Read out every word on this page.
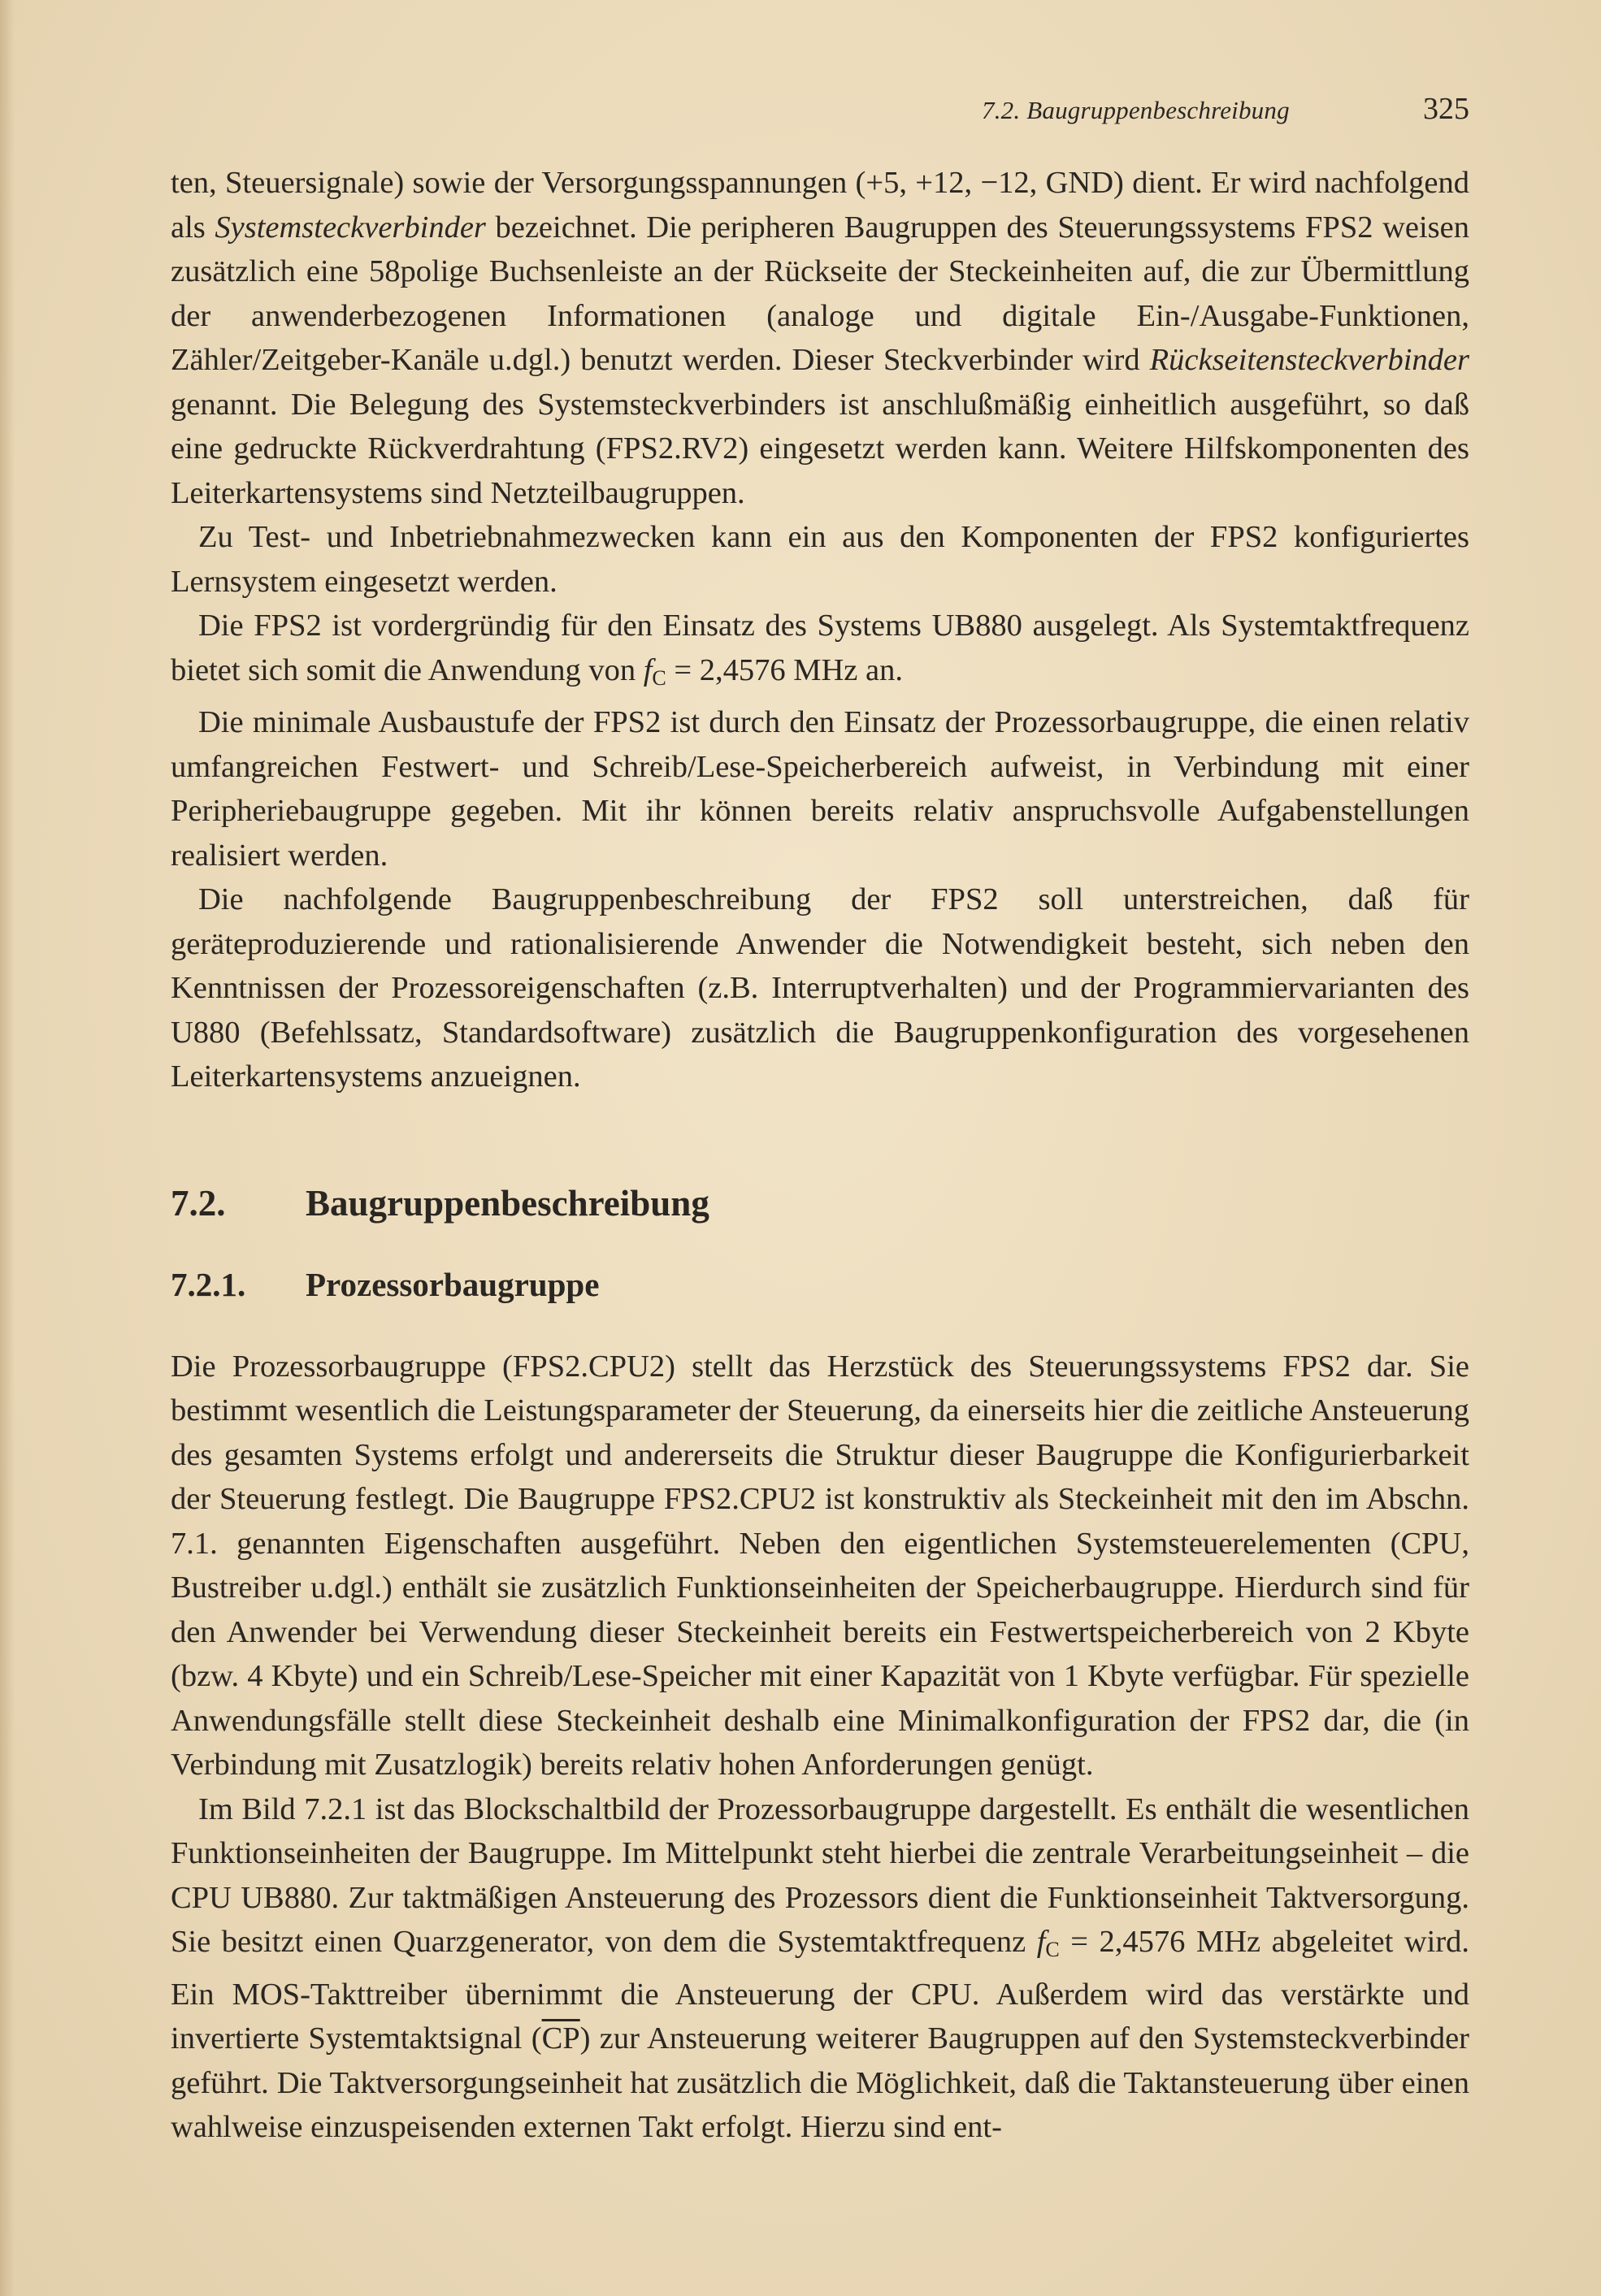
7.2. Baugruppenbeschreibung	325

ten, Steuersignale) sowie der Versorgungsspannungen (+5, +12, −12, GND) dient. Er wird nachfolgend als Systemsteckverbinder bezeichnet. Die peripheren Baugruppen des Steuerungssystems FPS2 weisen zusätzlich eine 58polige Buchsenleiste an der Rückseite der Steckeinheiten auf, die zur Übermittlung der anwenderbezogenen Informationen (analoge und digitale Ein-/Ausgabe-Funktionen, Zähler/Zeitgeber-Kanäle u.dgl.) benutzt werden. Dieser Steckverbinder wird Rückseitensteckverbinder genannt. Die Belegung des Systemsteckverbinders ist anschlußmäßig einheitlich ausgeführt, so daß eine gedruckte Rückverdrahtung (FPS2.RV2) eingesetzt werden kann. Weitere Hilfskomponenten des Leiterkartensystems sind Netzteilbaugruppen.

Zu Test- und Inbetriebnahmezwecken kann ein aus den Komponenten der FPS2 konfiguriertes Lernsystem eingesetzt werden.

Die FPS2 ist vordergründig für den Einsatz des Systems UB880 ausgelegt. Als Systemtaktfrequenz bietet sich somit die Anwendung von $f_C = 2,4576$ MHz an.

Die minimale Ausbaustufe der FPS2 ist durch den Einsatz der Prozessorbaugruppe, die einen relativ umfangreichen Festwert- und Schreib/Lese-Speicherbereich aufweist, in Verbindung mit einer Peripheriebaugruppe gegeben. Mit ihr können bereits relativ anspruchsvolle Aufgabenstellungen realisiert werden.

Die nachfolgende Baugruppenbeschreibung der FPS2 soll unterstreichen, daß für geräteproduzierende und rationalisierende Anwender die Notwendigkeit besteht, sich neben den Kenntnissen der Prozessoreigenschaften (z.B. Interruptverhalten) und der Programmiervarianten des U880 (Befehlssatz, Standardsoftware) zusätzlich die Baugruppenkonfiguration des vorgesehenen Leiterkartensystems anzueignen.

7.2. Baugruppenbeschreibung
7.2.1. Prozessorbaugruppe

Die Prozessorbaugruppe (FPS2.CPU2) stellt das Herzstück des Steuerungssystems FPS2 dar. Sie bestimmt wesentlich die Leistungsparameter der Steuerung, da einerseits hier die zeitliche Ansteuerung des gesamten Systems erfolgt und andererseits die Struktur dieser Baugruppe die Konfigurierbarkeit der Steuerung festlegt. Die Baugruppe FPS2.CPU2 ist konstruktiv als Steckeinheit mit den im Abschn. 7.1. genannten Eigenschaften ausgeführt. Neben den eigentlichen Systemsteuerelementen (CPU, Bustreiber u.dgl.) enthält sie zusätzlich Funktionseinheiten der Speicherbaugruppe. Hierdurch sind für den Anwender bei Verwendung dieser Steckeinheit bereits ein Festwertspeicherbereich von 2 Kbyte (bzw. 4 Kbyte) und ein Schreib/Lese-Speicher mit einer Kapazität von 1 Kbyte verfügbar. Für spezielle Anwendungsfälle stellt diese Steckeinheit deshalb eine Minimalkonfiguration der FPS2 dar, die (in Verbindung mit Zusatzlogik) bereits relativ hohen Anforderungen genügt.

Im Bild 7.2.1 ist das Blockschaltbild der Prozessorbaugruppe dargestellt. Es enthält die wesentlichen Funktionseinheiten der Baugruppe. Im Mittelpunkt steht hierbei die zentrale Verarbeitungseinheit – die CPU UB880. Zur taktmäßigen Ansteuerung des Prozessors dient die Funktionseinheit Taktversorgung. Sie besitzt einen Quarzgenerator, von dem die Systemtaktfrequenz $f_C = 2,4576$ MHz abgeleitet wird. Ein MOS-Takttreiber übernimmt die Ansteuerung der CPU. Außerdem wird das verstärkte und invertierte Systemtaktsignal $(\overline{CP})$ zur Ansteuerung weiterer Baugruppen auf den Systemsteckverbinder geführt. Die Taktversorgungseinheit hat zusätzlich die Möglichkeit, daß die Taktansteuerung über einen wahlweise einzuspeisenden externen Takt erfolgt. Hierzu sind ent-
